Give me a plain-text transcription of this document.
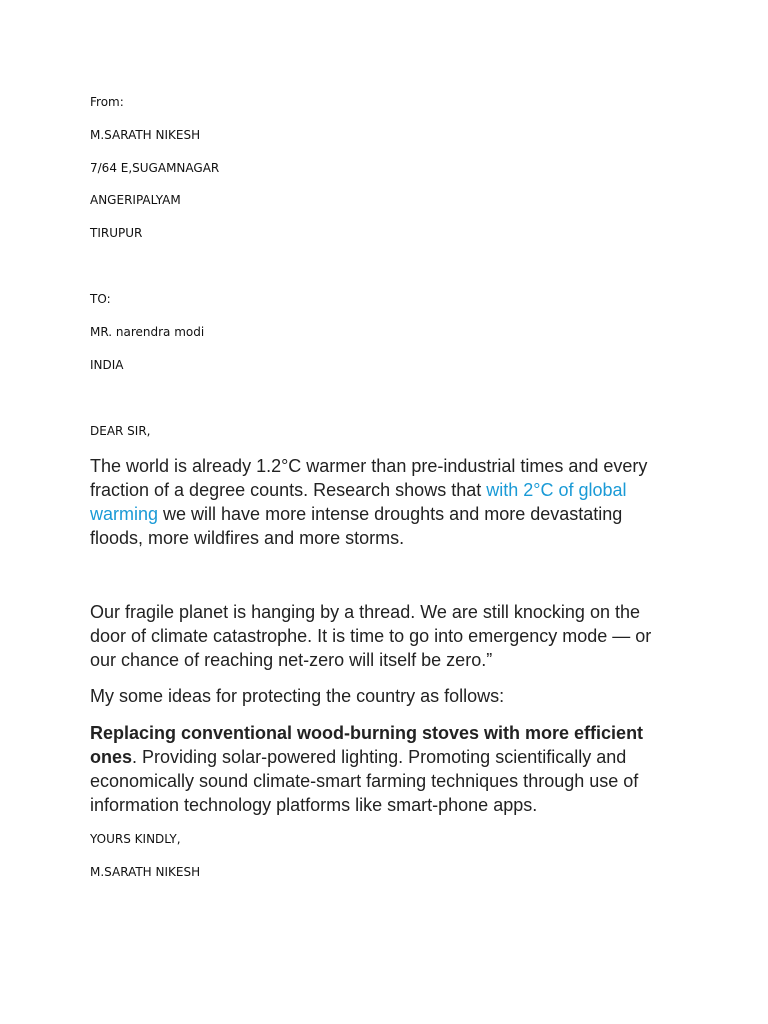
From:
M.SARATH NIKESH
7/64 E,SUGAMNAGAR
ANGERIPALYAM
TIRUPUR
TO:
MR. narendra modi
INDIA
DEAR SIR,
The world is already 1.2°C warmer than pre-industrial times and every fraction of a degree counts. Research shows that with 2°C of global warming we will have more intense droughts and more devastating floods, more wildfires and more storms.
Our fragile planet is hanging by a thread. We are still knocking on the door of climate catastrophe. It is time to go into emergency mode — or our chance of reaching net-zero will itself be zero.”
My some ideas for protecting the country as follows:
Replacing conventional wood-burning stoves with more efficient ones. Providing solar-powered lighting. Promoting scientifically and economically sound climate-smart farming techniques through use of information technology platforms like smart-phone apps.
YOURS KINDLY,
M.SARATH NIKESH
